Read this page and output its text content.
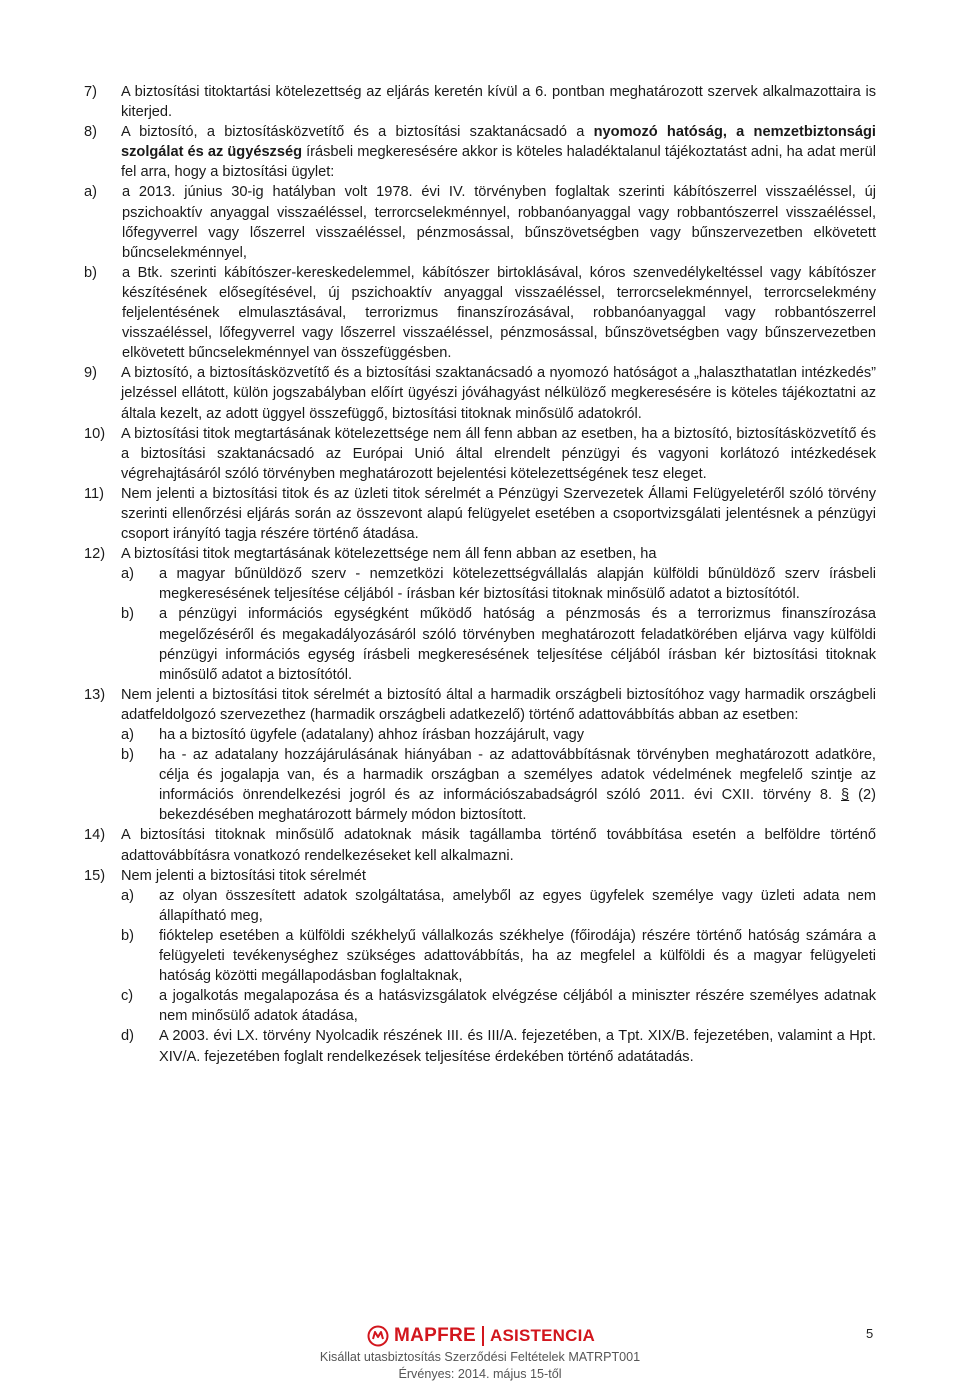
7) A biztosítási titoktartási kötelezettség az eljárás keretén kívül a 6. pontban meghatározott szervek alkalmazottaira is kiterjed.
8) A biztosító, a biztosításközvetítő és a biztosítási szaktanácsadó a nyomozó hatóság, a nemzetbiztonsági szolgálat és az ügyészség írásbeli megkeresésére akkor is köteles haladéktalanul tájékoztatást adni, ha adat merül fel arra, hogy a biztosítási ügylet:
a) a 2013. június 30-ig hatályban volt 1978. évi IV. törvényben foglaltak szerinti kábítószerrel visszaéléssel, új pszichoaktív anyaggal visszaéléssel, terrorcselekménnyel, robbanóanyaggal vagy robbantószerrel visszaéléssel, lőfegyverrel vagy lőszerrel visszaéléssel, pénzmosással, bűnszövetségben vagy bűnszervezetben elkövetett bűncselekménnyel,
b) a Btk. szerinti kábítószer-kereskedelemmel, kábítószer birtoklásával, kóros szenvedélykeltéssel vagy kábítószer készítésének elősegítésével, új pszichoaktív anyaggal visszaéléssel, terrorcselekménnyel, terrorcselekmény feljelentésének elmulasztásával, terrorizmus finanszírozásával, robbanóanyaggal vagy robbantószerrel visszaéléssel, lőfegyverrel vagy lőszerrel visszaéléssel, pénzmosással, bűnszövetségben vagy bűnszervezetben elkövetett bűncselekménnyel van összefüggésben.
9) A biztosító, a biztosításközvetítő és a biztosítási szaktanácsadó a nyomozó hatóságot a „halaszthatatlan intézkedés” jelzéssel ellátott, külön jogszabályban előírt ügyészi jóváhagyást nélkülöző megkeresésére is köteles tájékoztatni az általa kezelt, az adott üggyel összefüggő, biztosítási titoknak minősülő adatokról.
10) A biztosítási titok megtartásának kötelezettsége nem áll fenn abban az esetben, ha a biztosító, biztosításközvetítő és a biztosítási szaktanácsadó az Európai Unió által elrendelt pénzügyi és vagyoni korlátozó intézkedések végrehajtásáról szóló törvényben meghatározott bejelentési kötelezettségének tesz eleget.
11) Nem jelenti a biztosítási titok és az üzleti titok sérelmét a Pénzügyi Szervezetek Állami Felügyeletéről szóló törvény szerinti ellenőrzési eljárás során az összevont alapú felügyelet esetében a csoportvizsgálati jelentésnek a pénzügyi csoport irányító tagja részére történő átadása.
12) A biztosítási titok megtartásának kötelezettsége nem áll fenn abban az esetben, ha
a) a magyar bűnüldöző szerv - nemzetközi kötelezettségvállalás alapján külföldi bűnüldöző szerv írásbeli megkeresésének teljesítése céljából - írásban kér biztosítási titoknak minősülő adatot a biztosítótól.
b) a pénzügyi információs egységként működő hatóság a pénzmosás és a terrorizmus finanszírozása megelőzéséről és megakadályozásáról szóló törvényben meghatározott feladatkörében eljárva vagy külföldi pénzügyi információs egység írásbeli megkeresésének teljesítése céljából írásban kér biztosítási titoknak minősülő adatot a biztosítótól.
13) Nem jelenti a biztosítási titok sérelmét a biztosító által a harmadik országbeli biztosítóhoz vagy harmadik országbeli adatfeldolgozó szervezethez (harmadik országbeli adatkezelő) történő adattovábbítás abban az esetben:
a) ha a biztosító ügyfele (adatalany) ahhoz írásban hozzájárult, vagy
b) ha - az adatalany hozzájárulásának hiányában - az adattovábbításnak törvényben meghatározott adatköre, célja és jogalapja van, és a harmadik országban a személyes adatok védelmének megfelelő szintje az információs önrendelkezési jogról és az információszabadságról szóló 2011. évi CXII. törvény 8. § (2) bekezdésében meghatározott bármely módon biztosított.
14) A biztosítási titoknak minősülő adatoknak másik tagállamba történő továbbítása esetén a belföldre történő adattovábbításra vonatkozó rendelkezéseket kell alkalmazni.
15) Nem jelenti a biztosítási titok sérelmét
a) az olyan összesített adatok szolgáltatása, amelyből az egyes ügyfelek személye vagy üzleti adata nem állapítható meg,
b) fióktelep esetében a külföldi székhelyű vállalkozás székhelye (főirodája) részére történő hatóság számára a felügyeleti tevékenységhez szükséges adattovábbítás, ha az megfelel a külföldi és a magyar felügyeleti hatóság közötti megállapodásban foglaltaknak,
c) a jogalkotás megalapozása és a hatásvizsgálatok elvégzése céljából a miniszter részére személyes adatnak nem minősülő adatok átadása,
d) A 2003. évi LX. törvény Nyolcadik részének III. és III/A. fejezetében, a Tpt. XIX/B. fejezetében, valamint a Hpt. XIV/A. fejezetében foglalt rendelkezések teljesítése érdekében történő adatátadás.
MAPFRE ASISTENCIA	5
Kisállat utasbiztosítás Szerződési Feltételek MATRPT001
Érvényes: 2014. május 15-től
